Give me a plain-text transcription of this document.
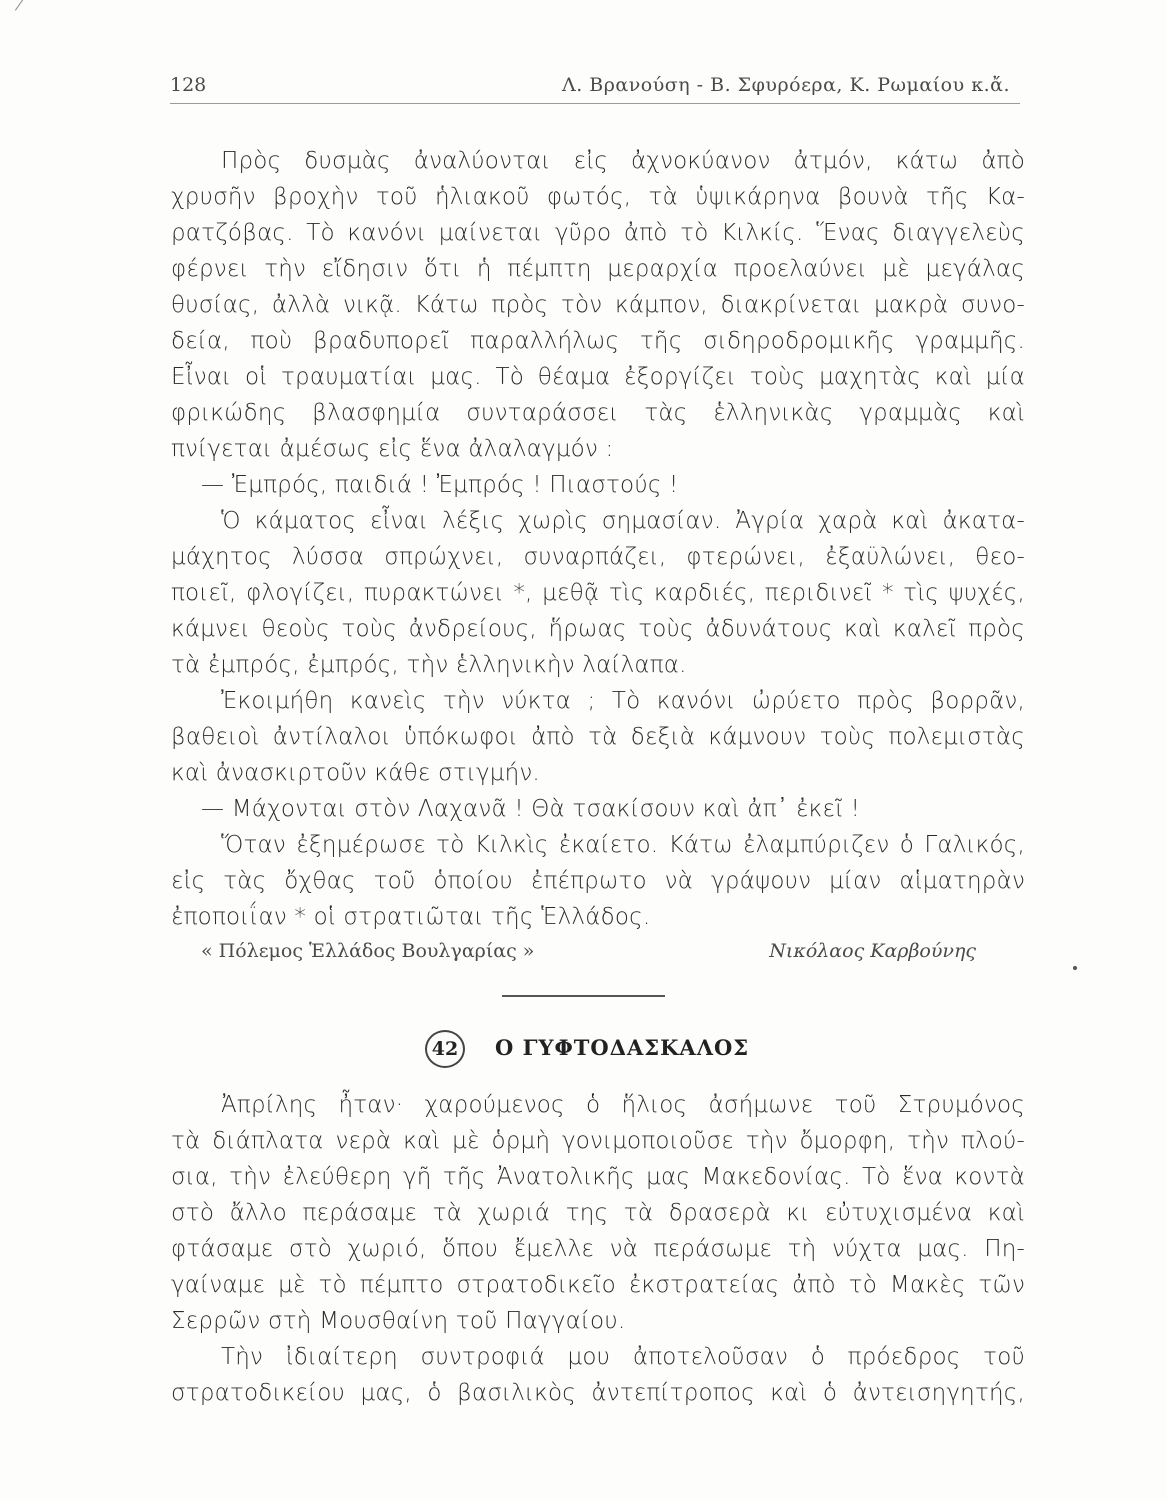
128	Λ. Βρανούση - Β. Σφυρόερα, Κ. Ρωμαίου κ.ἄ.
Πρὸς δυσμὰς ἀναλύονται εἰς ἀχνοκύανον ἀτμόν, κάτω ἀπὸ
χρυσῆν βροχὴν τοῦ ἡλιακοῦ φωτός, τὰ ὑψικάρηνα βουνὰ τῆς Κα-
ρατζόβας. Τὸ κανόνι μαίνεται γῦρο ἀπὸ τὸ Κιλκίς. Ἕνας διαγγελεὺς
φέρνει τὴν εἴδησιν ὅτι ἡ πέμπτη μεραρχία προελαύνει μὲ μεγάλας
θυσίας, ἀλλὰ νικᾷ. Κάτω πρὸς τὸν κάμπον, διακρίνεται μακρὰ συνο-
δεία, ποὺ βραδυπορεῖ παραλλήλως τῆς σιδηροδρομικῆς γραμμῆς.
Εἶναι οἱ τραυματίαι μας. Τὸ θέαμα ἐξοργίζει τοὺς μαχητὰς καὶ μία
φρικώδης βλασφημία συνταράσσει τὰς ἑλληνικὰς γραμμὰς καὶ
πνίγεται ἀμέσως εἰς ἕνα ἀλαλαγμόν :
— Ἐμπρός, παιδιά ! Ἐμπρός ! Πιαστούς !
Ὁ κάματος εἶναι λέξις χωρὶς σημασίαν. Ἀγρία χαρὰ καὶ ἀκατα-
μάχητος λύσσα σπρώχνει, συναρπάζει, φτερώνει, ἐξαϋλώνει, θεο-
ποιεῖ, φλογίζει, πυρακτώνει *, μεθᾷ τὶς καρδιές, περιδινεῖ * τὶς ψυχές,
κάμνει θεοὺς τοὺς ἀνδρείους, ἥρωας τοὺς ἀδυνάτους καὶ καλεῖ πρὸς
τὰ ἐμπρός, ἐμπρός, τὴν ἑλληνικὴν λαίλαπα.
Ἐκοιμήθη κανεὶς τὴν νύκτα ; Τὸ κανόνι ὠρύετο πρὸς βορρᾶν,
βαθειοὶ ἀντίλαλοι ὑπόκωφοι ἀπὸ τὰ δεξιὰ κάμνουν τοὺς πολεμιστὰς
καὶ ἀνασκιρτοῦν κάθε στιγμήν.
— Μάχονται στὸν Λαχανᾶ ! Θὰ τσακίσουν καὶ ἀπ᾽ ἐκεῖ !
Ὅταν ἐξημέρωσε τὸ Κιλκὶς ἐκαίετο. Κάτω ἐλαμπύριζεν ὁ Γαλικός,
εἰς τὰς ὄχθας τοῦ ὁποίου ἐπέπρωτο νὰ γράψουν μίαν αἱματηρὰν
ἐποποιΐαν * οἱ στρατιῶται τῆς Ἑλλάδος.
« Πόλεμος Ἑλλάδος Βουλγαρίας »	Νικόλαος Καρβούνης
42	Ο ΓΥΦΤΟΔΑΣΚΑΛΟΣ
Ἀπρίλης ἦταν· χαρούμενος ὁ ἥλιος ἀσήμωνε τοῦ Στρυμόνος
τὰ διάπλατα νερὰ καὶ μὲ ὁρμὴ γονιμοποιοῦσε τὴν ὄμορφη, τὴν πλού-
σια, τὴν ἐλεύθερη γῆ τῆς Ἀνατολικῆς μας Μακεδονίας. Τὸ ἕνα κοντὰ
στὸ ἄλλο περάσαμε τὰ χωριά της τὰ δρασερὰ κι εὐτυχισμένα καὶ
φτάσαμε στὸ χωριό, ὅπου ἔμελλε νὰ περάσωμε τὴ νύχτα μας. Πη-
γαίναμε μὲ τὸ πέμπτο στρατοδικεῖο ἐκστρατείας ἀπὸ τὸ Μακὲς τῶν
Σερρῶν στὴ Μουσθαίνη τοῦ Παγγαίου.
Τὴν ἰδιαίτερη συντροφιά μου ἀποτελοῦσαν ὁ πρόεδρος τοῦ
στρατοδικείου μας, ὁ βασιλικὸς ἀντεπίτροπος καὶ ὁ ἀντεισηγητής,
